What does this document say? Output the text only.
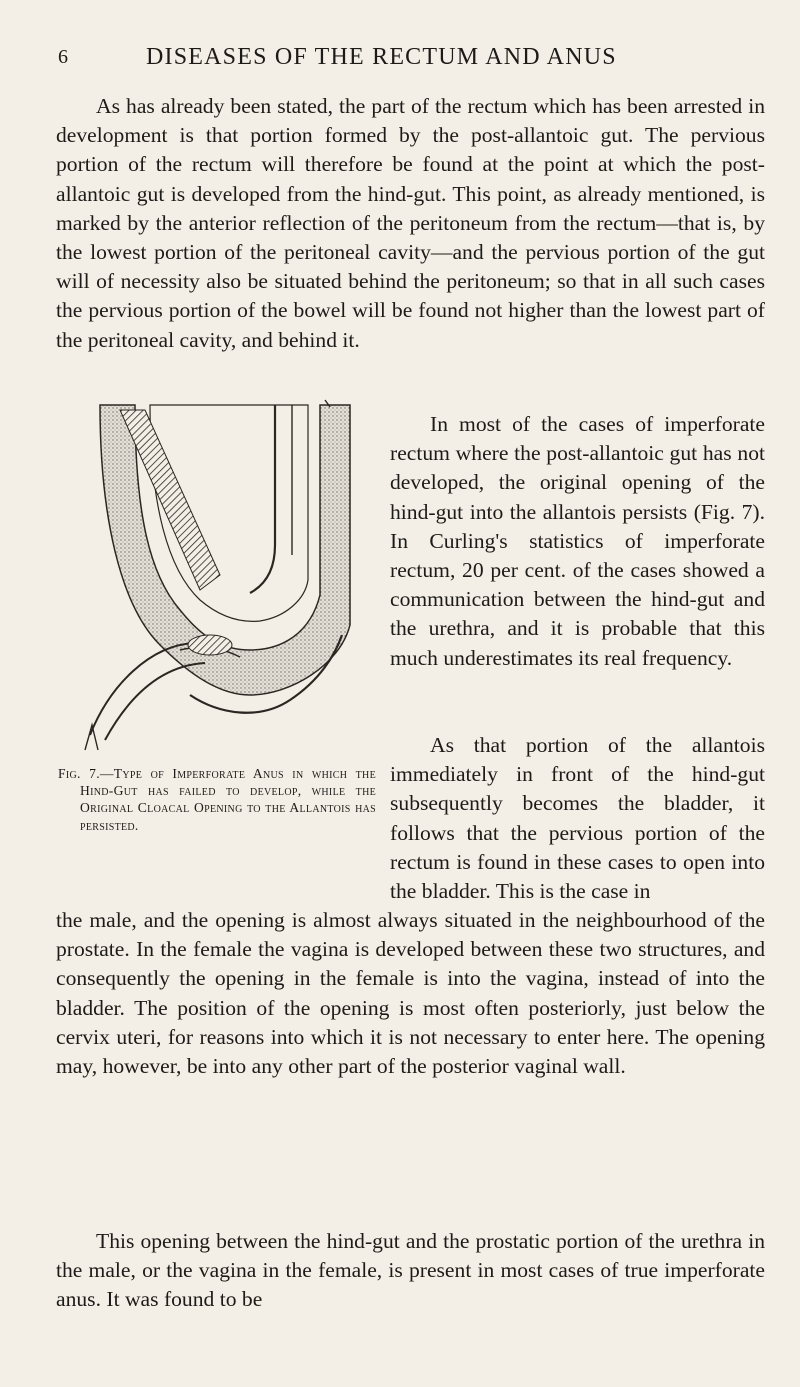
6	DISEASES OF THE RECTUM AND ANUS
As has already been stated, the part of the rectum which has been arrested in development is that portion formed by the post-allantoic gut. The pervious portion of the rectum will therefore be found at the point at which the post-allantoic gut is developed from the hind-gut. This point, as already mentioned, is marked by the anterior reflection of the peritoneum from the rectum—that is, by the lowest portion of the peritoneal cavity—and the pervious portion of the gut will of necessity also be situated behind the peritoneum; so that in all such cases the pervious portion of the bowel will be found not higher than the lowest part of the peritoneal cavity, and behind it.
Fig. 7.—Type of Imperforate Anus in which the Hind-Gut has failed to develop, while the Original Cloacal Opening to the Allantois has persisted.
In most of the cases of imperforate rectum where the post-allantoic gut has not developed, the original opening of the hind-gut into the allantois persists (Fig. 7). In Curling's statistics of imperforate rectum, 20 per cent. of the cases showed a communication between the hind-gut and the urethra, and it is probable that this much underestimates its real frequency.
As that portion of the allantois immediately in front of the hind-gut subsequently becomes the bladder, it follows that the pervious portion of the rectum is found in these cases to open into the bladder. This is the case in
the male, and the opening is almost always situated in the neighbourhood of the prostate. In the female the vagina is developed between these two structures, and consequently the opening in the female is into the vagina, instead of into the bladder. The position of the opening is most often posteriorly, just below the cervix uteri, for reasons into which it is not necessary to enter here. The opening may, however, be into any other part of the posterior vaginal wall.
This opening between the hind-gut and the prostatic portion of the urethra in the male, or the vagina in the female, is present in most cases of true imperforate anus. It was found to be
